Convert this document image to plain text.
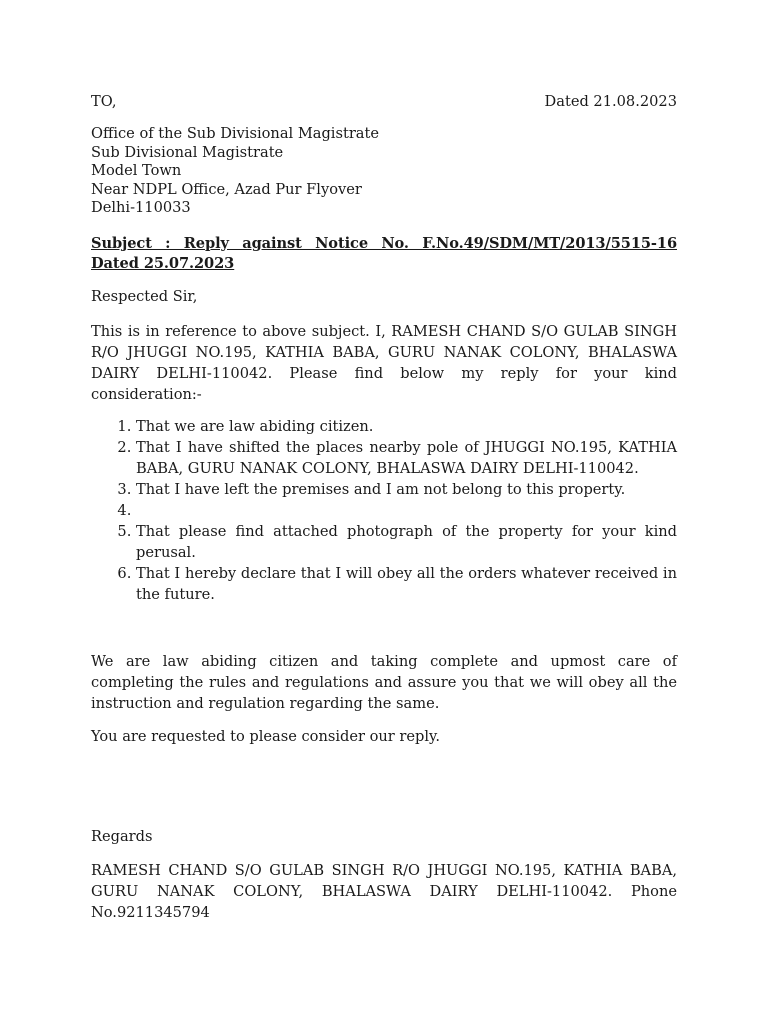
TO,	Dated 21.08.2023
Office of the Sub Divisional Magistrate
Sub Divisional Magistrate
Model Town
Near NDPL Office, Azad Pur Flyover
Delhi-110033
Subject : Reply against Notice No. F.No.49/SDM/MT/2013/5515-16 Dated 25.07.2023
Respected Sir,
This is in reference to above subject. I, RAMESH CHAND S/O GULAB SINGH R/O JHUGGI NO.195, KATHIA BABA, GURU NANAK COLONY, BHALASWA DAIRY DELHI-110042. Please find below my reply for your kind consideration:-
1. That we are law abiding citizen.
2. That I have shifted the places nearby pole of JHUGGI NO.195, KATHIA BABA, GURU NANAK COLONY, BHALASWA DAIRY DELHI-110042.
3. That I have left the premises and I am not belong to this property.
4.
5. That please find attached photograph of the property for your kind perusal.
6. That I hereby declare that I will obey all the orders whatever received in the future.
We are law abiding citizen and taking complete and upmost care of completing the rules and regulations and assure you that we will obey all the instruction and regulation regarding the same.
You are requested to please consider our reply.
Regards
RAMESH CHAND S/O GULAB SINGH R/O JHUGGI NO.195, KATHIA BABA, GURU NANAK COLONY, BHALASWA DAIRY DELHI-110042. Phone No.9211345794
